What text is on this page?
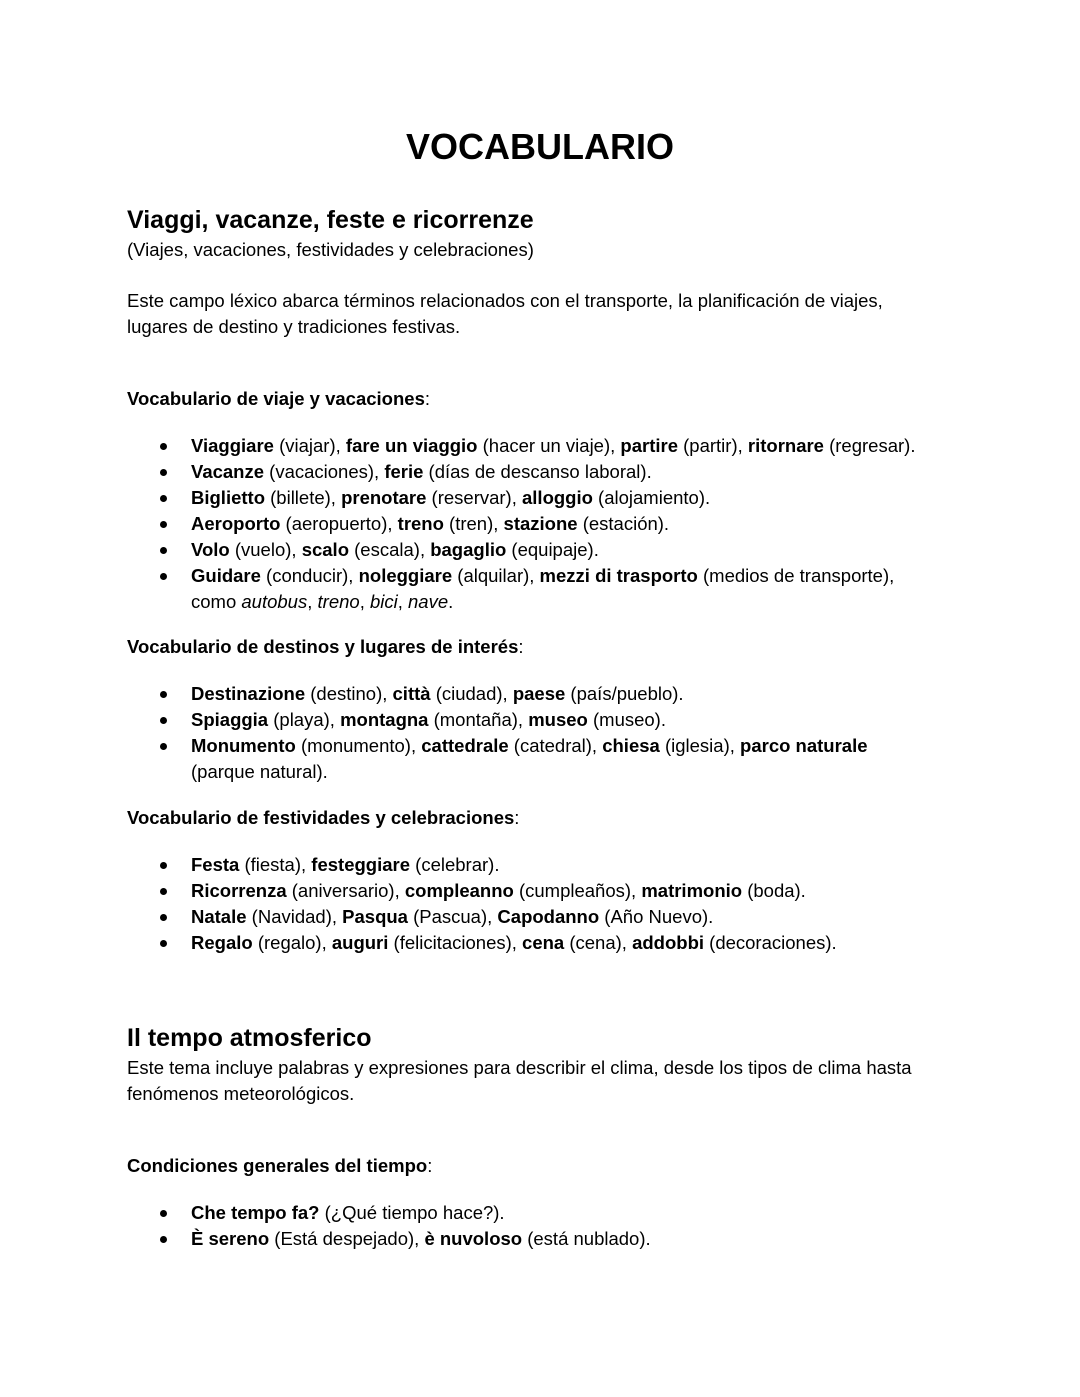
VOCABULARIO
Viaggi, vacanze, feste e ricorrenze

(Viajes, vacaciones, festividades y celebraciones)

Este campo léxico abarca términos relacionados con el transporte, la planificación de viajes,
lugares de destino y tradiciones festivas.

Vocabulario de viaje y vacaciones:

Viaggiare (viajar), fare un viaggio (hacer un viaje), partire (partir), ritornare (regresar).
Vacanze (vacaciones), ferie (días de descanso laboral).
Biglietto (billete), prenotare (reservar), alloggio (alojamiento).
Aeroporto (aeropuerto), treno (tren), stazione (estación).
Volo (vuelo), scalo (escala), bagaglio (equipaje).
Guidare (conducir), noleggiare (alquilar), mezzi di trasporto (medios de transporte),
como autobus, treno, bici, nave.

Vocabulario de destinos y lugares de interés:

Destinazione (destino), città (ciudad), paese (país/pueblo).
Spiaggia (playa), montagna (montaña), museo (museo).
Monumento (monumento), cattedrale (catedral), chiesa (iglesia), parco naturale
(parque natural).

Vocabulario de festividades y celebraciones:

Festa (fiesta), festeggiare (celebrar).
Ricorrenza (aniversario), compleanno (cumpleaños), matrimonio (boda).
Natale (Navidad), Pasqua (Pascua), Capodanno (Año Nuevo).
Regalo (regalo), auguri (felicitaciones), cena (cena), addobbi (decoraciones).
Il tempo atmosferico

Este tema incluye palabras y expresiones para describir el clima, desde los tipos de clima hasta
fenómenos meteorológicos.

Condiciones generales del tiempo:

Che tempo fa? (¿Qué tiempo hace?).
È sereno (Está despejado), è nuvoloso (está nublado).
